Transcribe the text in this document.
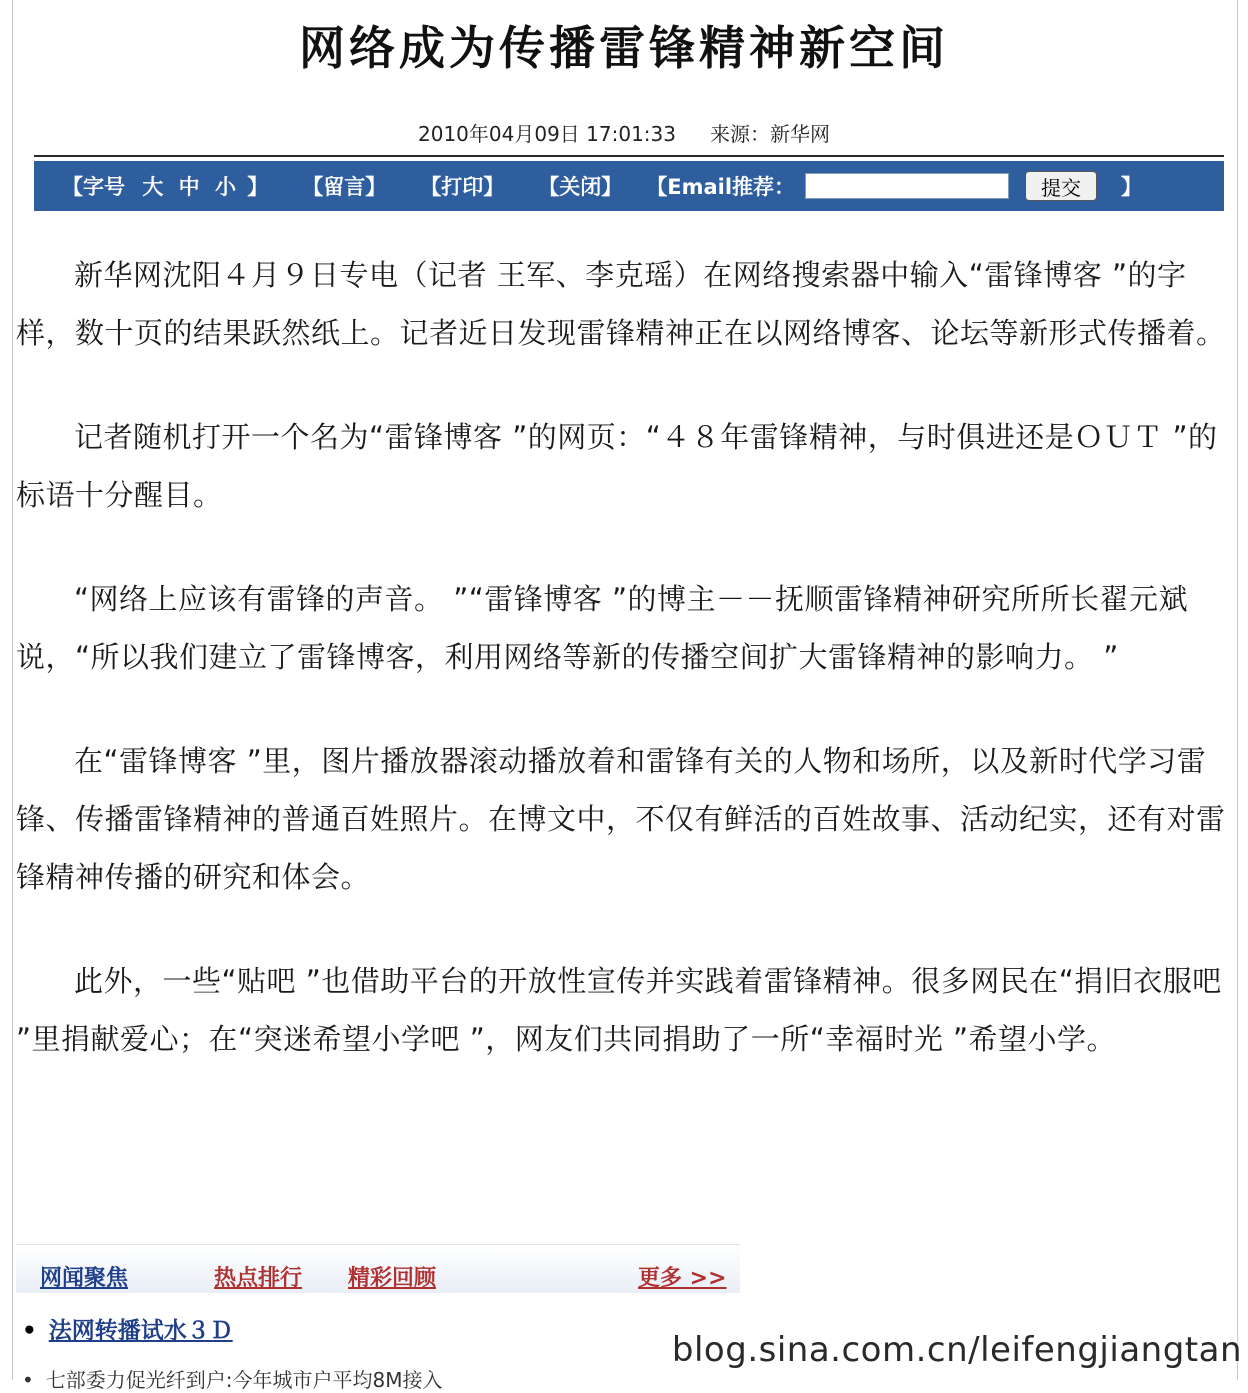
网络成为传播雷锋精神新空间
2010年04月09日 17:01:33 来源：新华网
【字号 大 中 小 】 【留言】 【打印】 【关闭】 【Email推荐：	提交	】

新华网沈阳４月９日专电（记者 王军、李克瑶）在网络搜索器中输入“雷锋博客 ”的字样，数十页的结果跃然纸上。记者近日发现雷锋精神正在以网络博客、论坛等新形式传播着。

记者随机打开一个名为“雷锋博客 ”的网页：“４８年雷锋精神，与时俱进还是ＯＵＴ ”的标语十分醒目。

“网络上应该有雷锋的声音。 ”“雷锋博客 ”的博主－－抚顺雷锋精神研究所所长翟元斌说，“所以我们建立了雷锋博客，利用网络等新的传播空间扩大雷锋精神的影响力。 ”

在“雷锋博客 ”里，图片播放器滚动播放着和雷锋有关的人物和场所，以及新时代学习雷锋、传播雷锋精神的普通百姓照片。在博文中，不仅有鲜活的百姓故事、活动纪实，还有对雷锋精神传播的研究和体会。

此外，一些“贴吧 ”也借助平台的开放性宣传并实践着雷锋精神。很多网民在“捐旧衣服吧 ”里捐献爱心；在“突迷希望小学吧 ”，网友们共同捐助了一所“幸福时光 ”希望小学。

网闻聚焦	热点排行 精彩回顾	更多 >>
• 法网转播试水３Ｄ
• 七部委力促光纤到户:今年城市户平均8M接入
blog.sina.com.cn/leifengjiangtan
